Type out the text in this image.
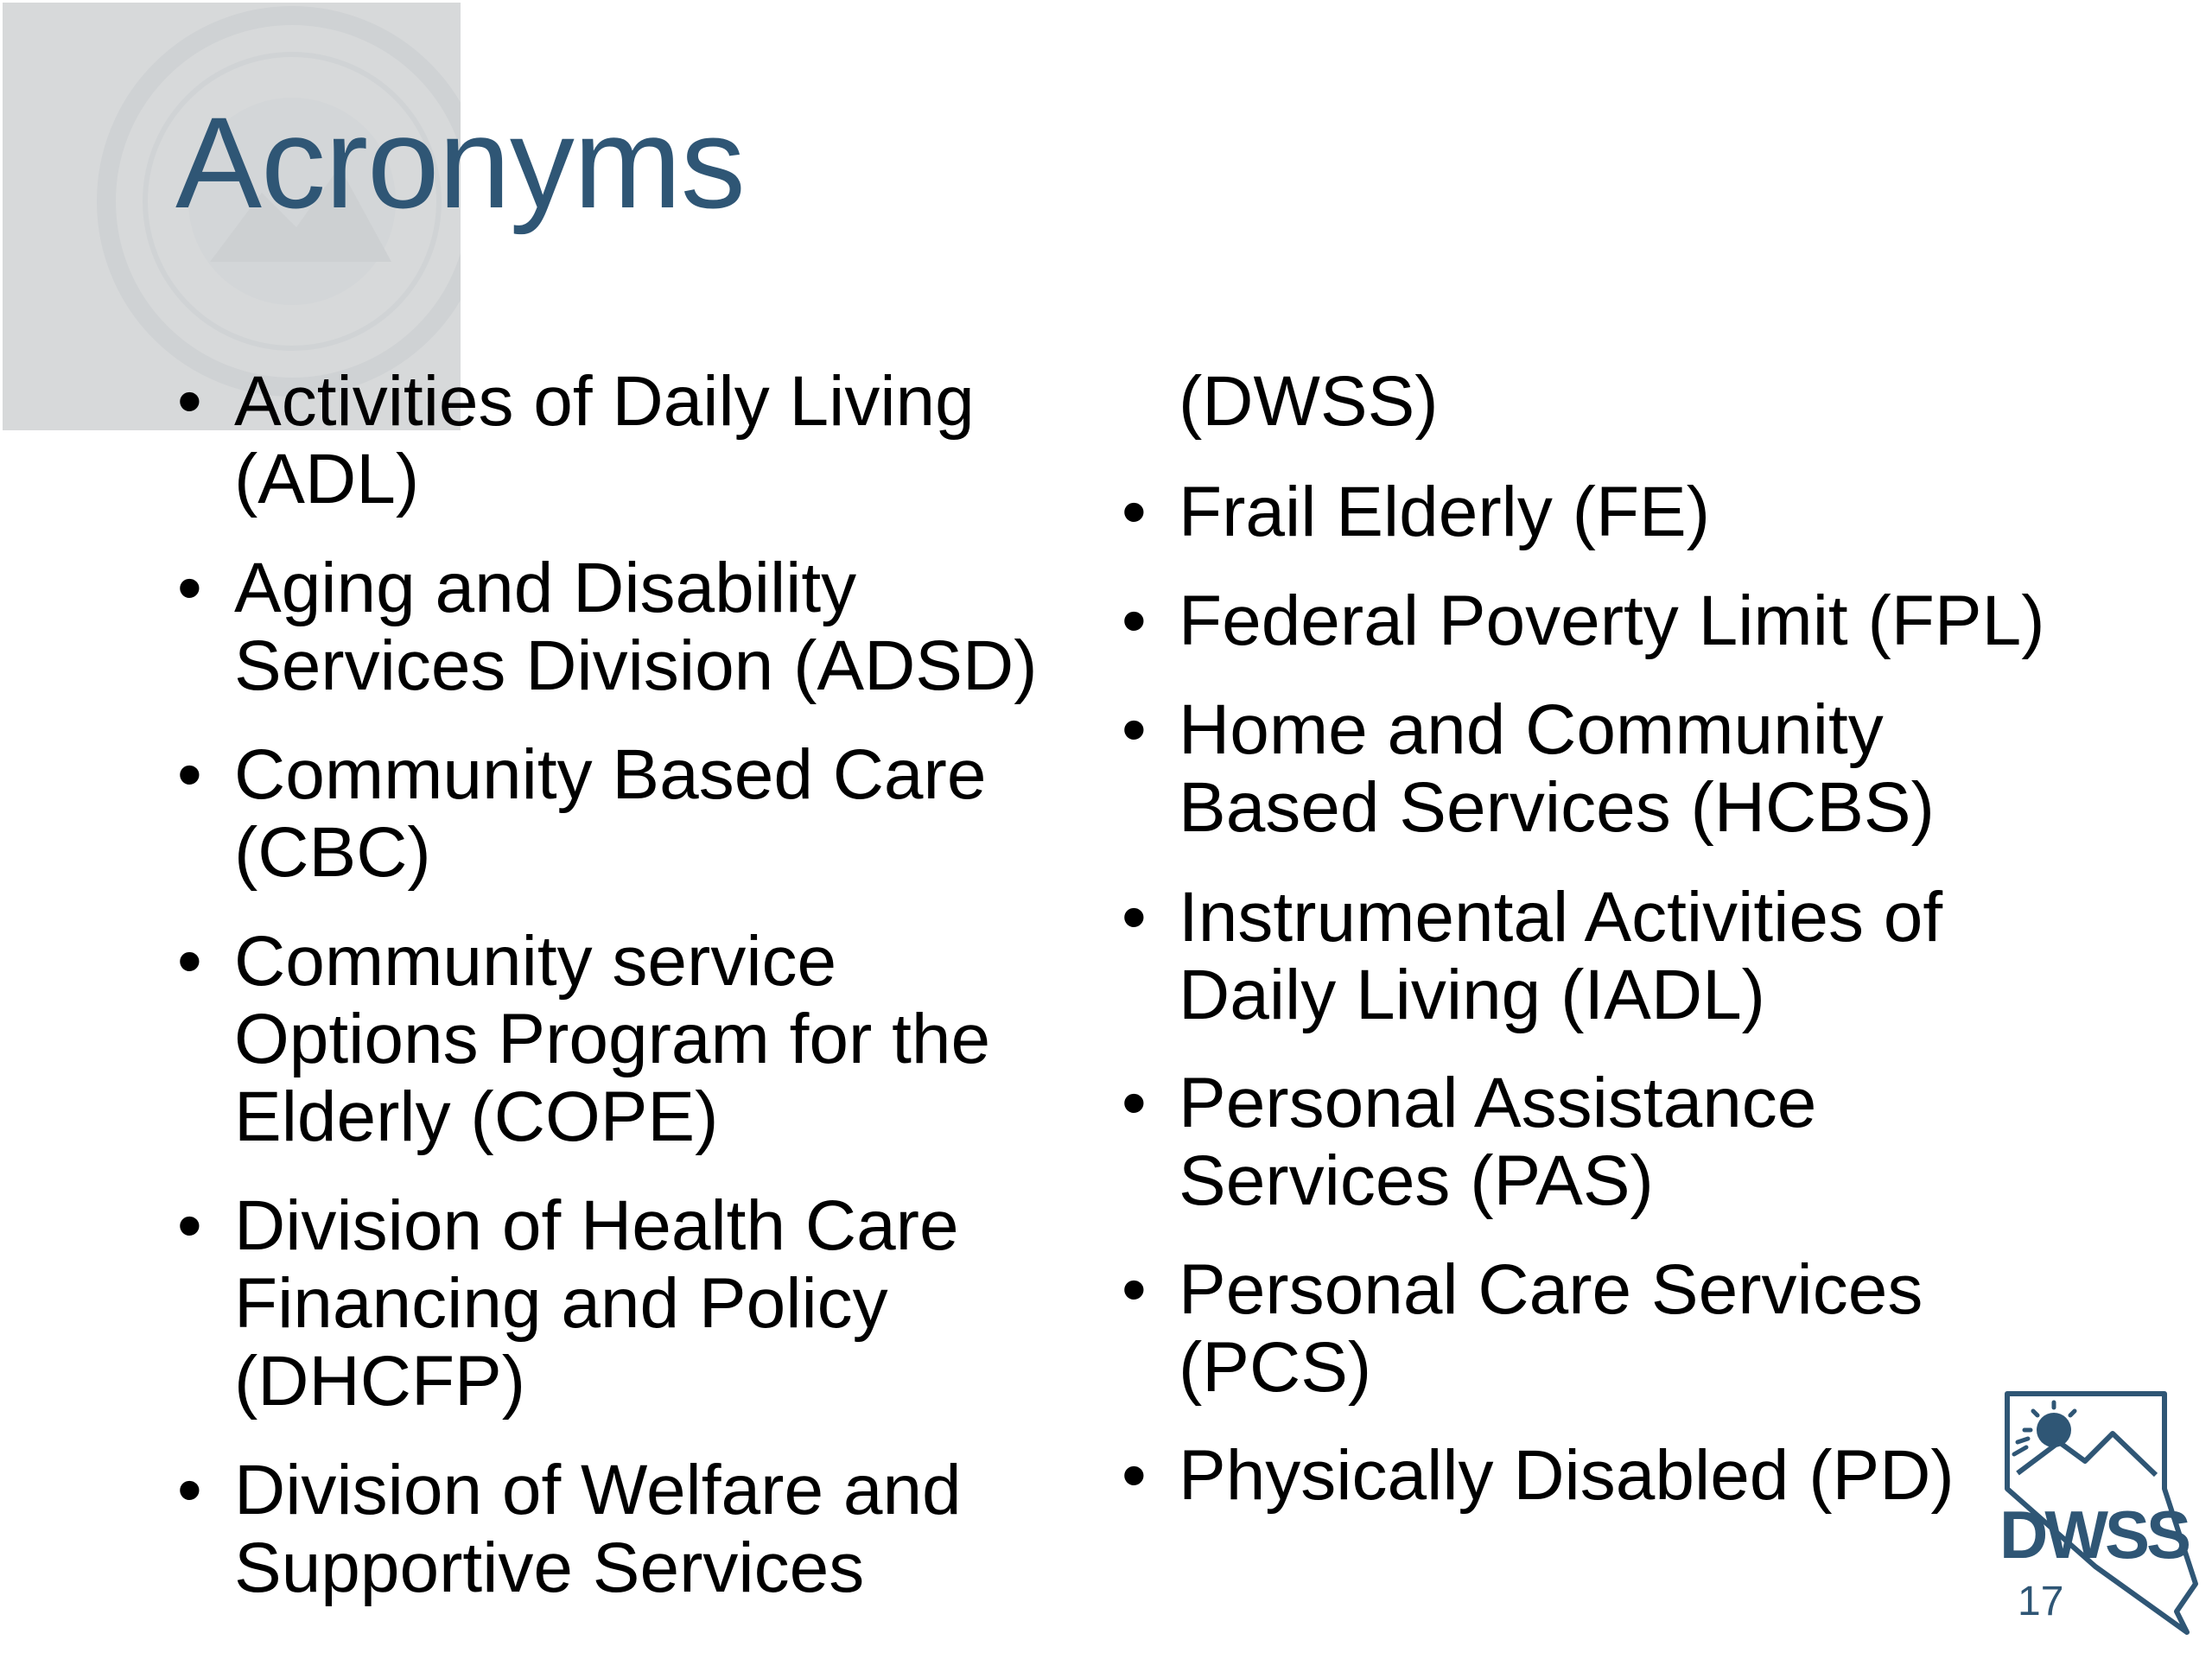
Acronyms
• Activities of Daily Living
(ADL)
• Aging and Disability
Services Division (ADSD)
• Community Based Care
(CBC)
• Community service
Options Program for the
Elderly (COPE)
• Division of Health Care
Financing and Policy
(DHCFP)
• Division of Welfare and
Supportive Services
(DWSS)
• Frail Elderly (FE)
• Federal Poverty Limit (FPL)
• Home and Community
Based Services (HCBS)
• Instrumental Activities of
Daily Living (IADL)
• Personal Assistance
Services (PAS)
• Personal Care Services
(PCS)
• Physically Disabled (PD)
DWSS
17
